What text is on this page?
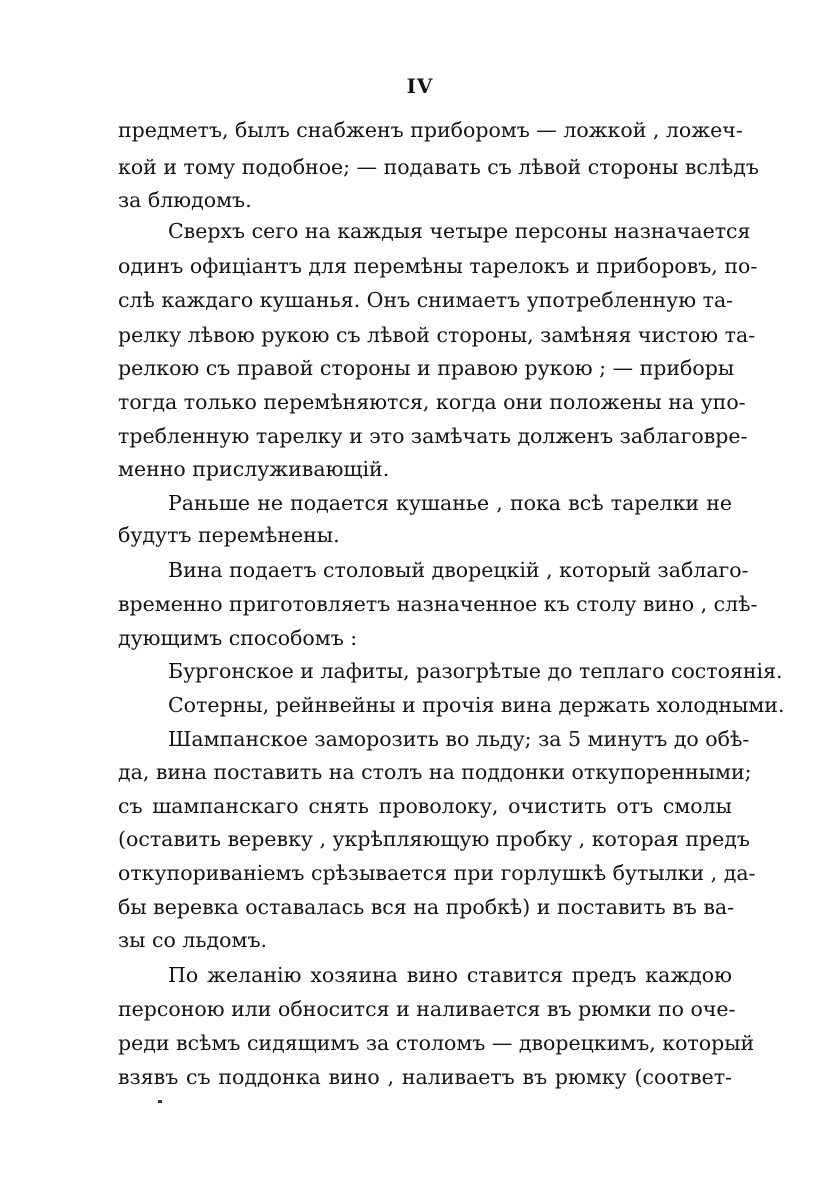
IV
предметъ, былъ снабженъ приборомъ — ложкой , ложеч-
кой и тому подобное; — подавать съ лѣвой стороны вслѣдъ
за блюдомъ.
Сверхъ сего на каждыя четыре персоны назначается
одинъ офиціантъ для перемѣны тарелокъ и приборовъ, по-
слѣ каждаго кушанья. Онъ снимаетъ употребленную та-
релку лѣвою рукою съ лѣвой стороны, замѣняя чистою та-
релкою съ правой стороны и правою рукою ; — приборы
тогда только перемѣняются, когда они положены на упо-
требленную тарелку и это замѣчать долженъ заблаговре-
менно прислуживающій.
Раньше не подается кушанье , пока всѣ тарелки не
будутъ перемѣнены.
Вина подаетъ столовый дворецкій , который заблаго-
временно приготовляетъ назначенное къ столу вино , слѣ-
дующимъ способомъ :
Бургонское и лафиты, разогрѣтые до теплаго состоянія.
Сотерны, рейнвейны и прочія вина держать холодными.
Шампанское заморозить во льду; за 5 минутъ до обѣ-
да, вина поставить на столъ на поддонки откупоренными;
съ шампанскаго снять проволоку, очистить отъ смолы
(оставить веревку , укрѣпляющую пробку , которая предъ
откупориваніемъ срѣзывается при горлушкѣ бутылки , да-
бы веревка оставалась вся на пробкѣ) и поставить въ ва-
зы со льдомъ.
По желанію хозяина вино ставится предъ каждою
персоною или обносится и наливается въ рюмки по оче-
реди всѣмъ сидящимъ за столомъ — дворецкимъ, который
взявъ съ поддонка вино , наливаетъ въ рюмку (соответ-
